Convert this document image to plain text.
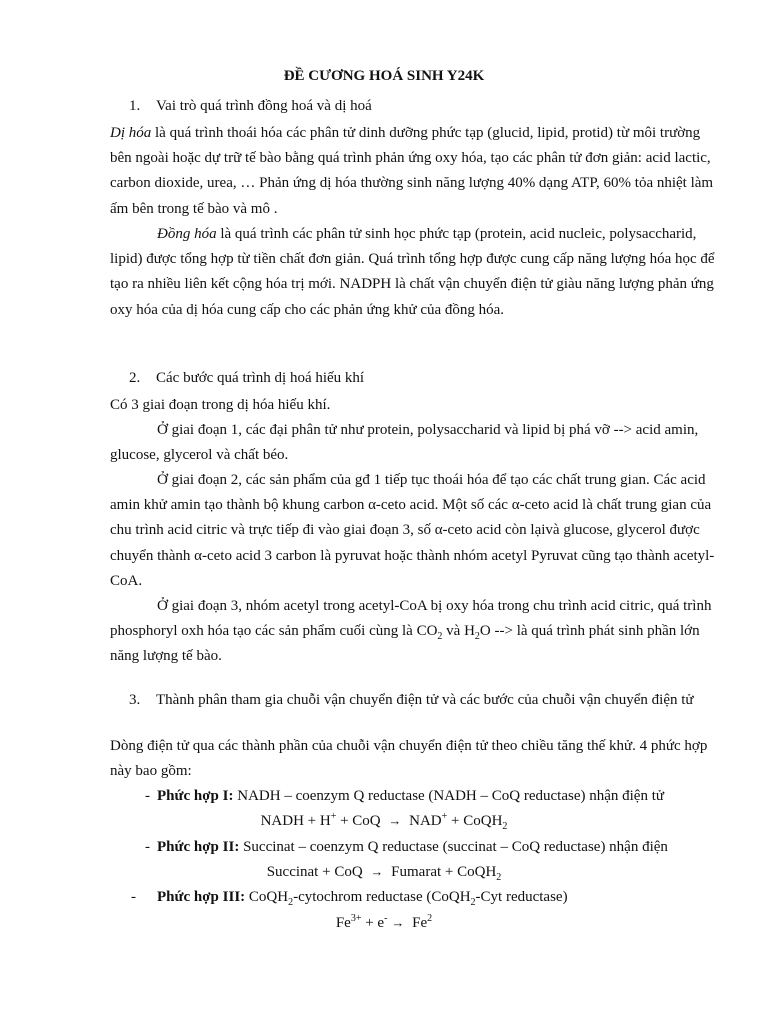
ĐỀ CƯƠNG HOÁ SINH Y24K
1.	Vai trò quá trình đồng hoá và dị hoá
Dị hóa là quá trình thoái hóa các phân tử dinh dưỡng phức tạp (glucid, lipid, protid) từ môi trường bên ngoài hoặc dự trữ tế bào bằng quá trình phản ứng oxy hóa, tạo các phân tử đơn giản: acid lactic, carbon dioxide, urea, … Phản ứng dị hóa thường sinh năng lượng 40% dạng ATP, 60% tỏa nhiệt làm ấm bên trong tế bào và mô .
Đồng hóa là quá trình các phân tử sinh học phức tạp (protein, acid nucleic, polysaccharid, lipid) được tổng hợp từ tiền chất đơn giản. Quá trình tổng hợp được cung cấp năng lượng hóa học để tạo ra nhiều liên kết cộng hóa trị mới. NADPH là chất vận chuyển điện tử giàu năng lượng phản ứng oxy hóa của dị hóa cung cấp cho các phản ứng khử của đồng hóa.
2.	Các bước quá trình dị hoá hiếu khí
Có 3 giai đoạn trong dị hóa hiếu khí.
Ở giai đoạn 1, các đại phân tử như protein, polysaccharid và lipid bị phá vỡ --> acid amin, glucose, glycerol và chất béo.
Ở giai đoạn 2, các sản phẩm của gđ 1 tiếp tục thoái hóa để tạo các chất trung gian. Các acid amin khử amin tạo thành bộ khung carbon α-ceto acid. Một số các α-ceto acid là chất trung gian của chu trình acid citric và trực tiếp đi vào giai đoạn 3, số α-ceto acid còn lạivà glucose, glycerol được chuyển thành α-ceto acid 3 carbon là pyruvat hoặc thành nhóm acetyl Pyruvat cũng tạo thành acetyl-CoA.
Ở giai đoạn 3, nhóm acetyl trong acetyl-CoA bị oxy hóa trong chu trình acid citric, quá trình phosphoryl oxh hóa tạo các sản phẩm cuối cùng là $CO_2$ và $H_2O$ --> là quá trình phát sinh phần lớn năng lượng tế bào.
3.	Thành phân tham gia chuỗi vận chuyển điện tử và các bước của chuỗi vận chuyển điện tử
Dòng điện tử qua các thành phần của chuỗi vận chuyển điện tử theo chiều tăng thế khử. 4 phức hợp này bao gồm:
- Phức hợp I: NADH – coenzym Q reductase (NADH – CoQ reductase) nhận điện tử
NADH + H+ + CoQ → NAD+ + CoQH$_2$
- Phức hợp II: Succinat – coenzym Q reductase (succinat – CoQ reductase) nhận điện
Succinat + CoQ → Fumarat + CoQH$_2$
- Phức hợp III: CoQH$_2$-cytochrom reductase (CoQH$_2$-Cyt reductase)
$Fe^{3+} + e^- \to Fe^2$
